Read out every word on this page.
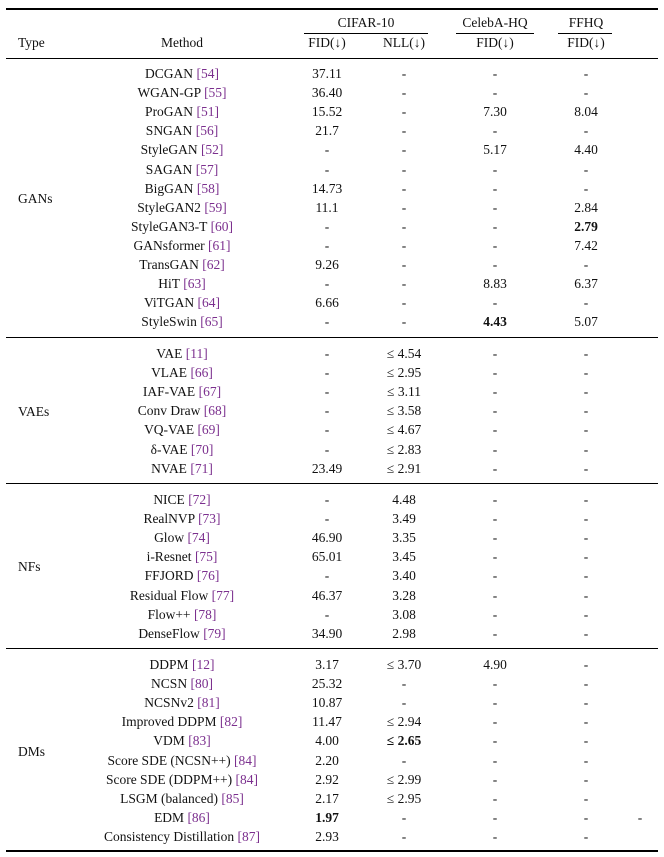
CIFAR-10	CelebA-HQ	FFHQ
Type	Method	FID(↓)	NLL(↓)	FID(↓)	FID(↓)
GANs
DCGAN [54]	37.11	-	-	-
WGAN-GP [55]	36.40	-	-	-
ProGAN [51]	15.52	-	7.30	8.04
SNGAN [56]	21.7	-	-	-
StyleGAN [52]	-	-	5.17	4.40
SAGAN [57]	-	-	-	-
BigGAN [58]	14.73	-	-	-
StyleGAN2 [59]	11.1	-	-	2.84
StyleGAN3-T [60]	-	-	-	2.79
GANsformer [61]	-	-	-	7.42
TransGAN [62]	9.26	-	-	-
HiT [63]	-	-	8.83	6.37
ViTGAN [64]	6.66	-	-	-
StyleSwin [65]	-	-	4.43	5.07
VAEs
VAE [11]	-	≤ 4.54	-	-
VLAE [66]	-	≤ 2.95	-	-
IAF-VAE [67]	-	≤ 3.11	-	-
Conv Draw [68]	-	≤ 3.58	-	-
VQ-VAE [69]	-	≤ 4.67	-	-
δ-VAE [70]	-	≤ 2.83	-	-
NVAE [71]	23.49	≤ 2.91	-	-
NFs
NICE [72]	-	4.48	-	-
RealNVP [73]	-	3.49	-	-
Glow [74]	46.90	3.35	-	-
i-Resnet [75]	65.01	3.45	-	-
FFJORD [76]	-	3.40	-	-
Residual Flow [77]	46.37	3.28	-	-
Flow++ [78]	-	3.08	-	-
DenseFlow [79]	34.90	2.98	-	-
DMs
DDPM [12]	3.17	≤ 3.70	4.90	-
NCSN [80]	25.32	-	-	-
NCSNv2 [81]	10.87	-	-	-
Improved DDPM [82]	11.47	≤ 2.94	-	-
VDM [83]	4.00	≤ 2.65	-	-
Score SDE (NCSN++) [84]	2.20	-	-	-
Score SDE (DDPM++) [84]	2.92	≤ 2.99	-	-
LSGM (balanced) [85]	2.17	≤ 2.95	-	-
EDM [86]	1.97	-	-	-	-
Consistency Distillation [87]	2.93	-	-	-
